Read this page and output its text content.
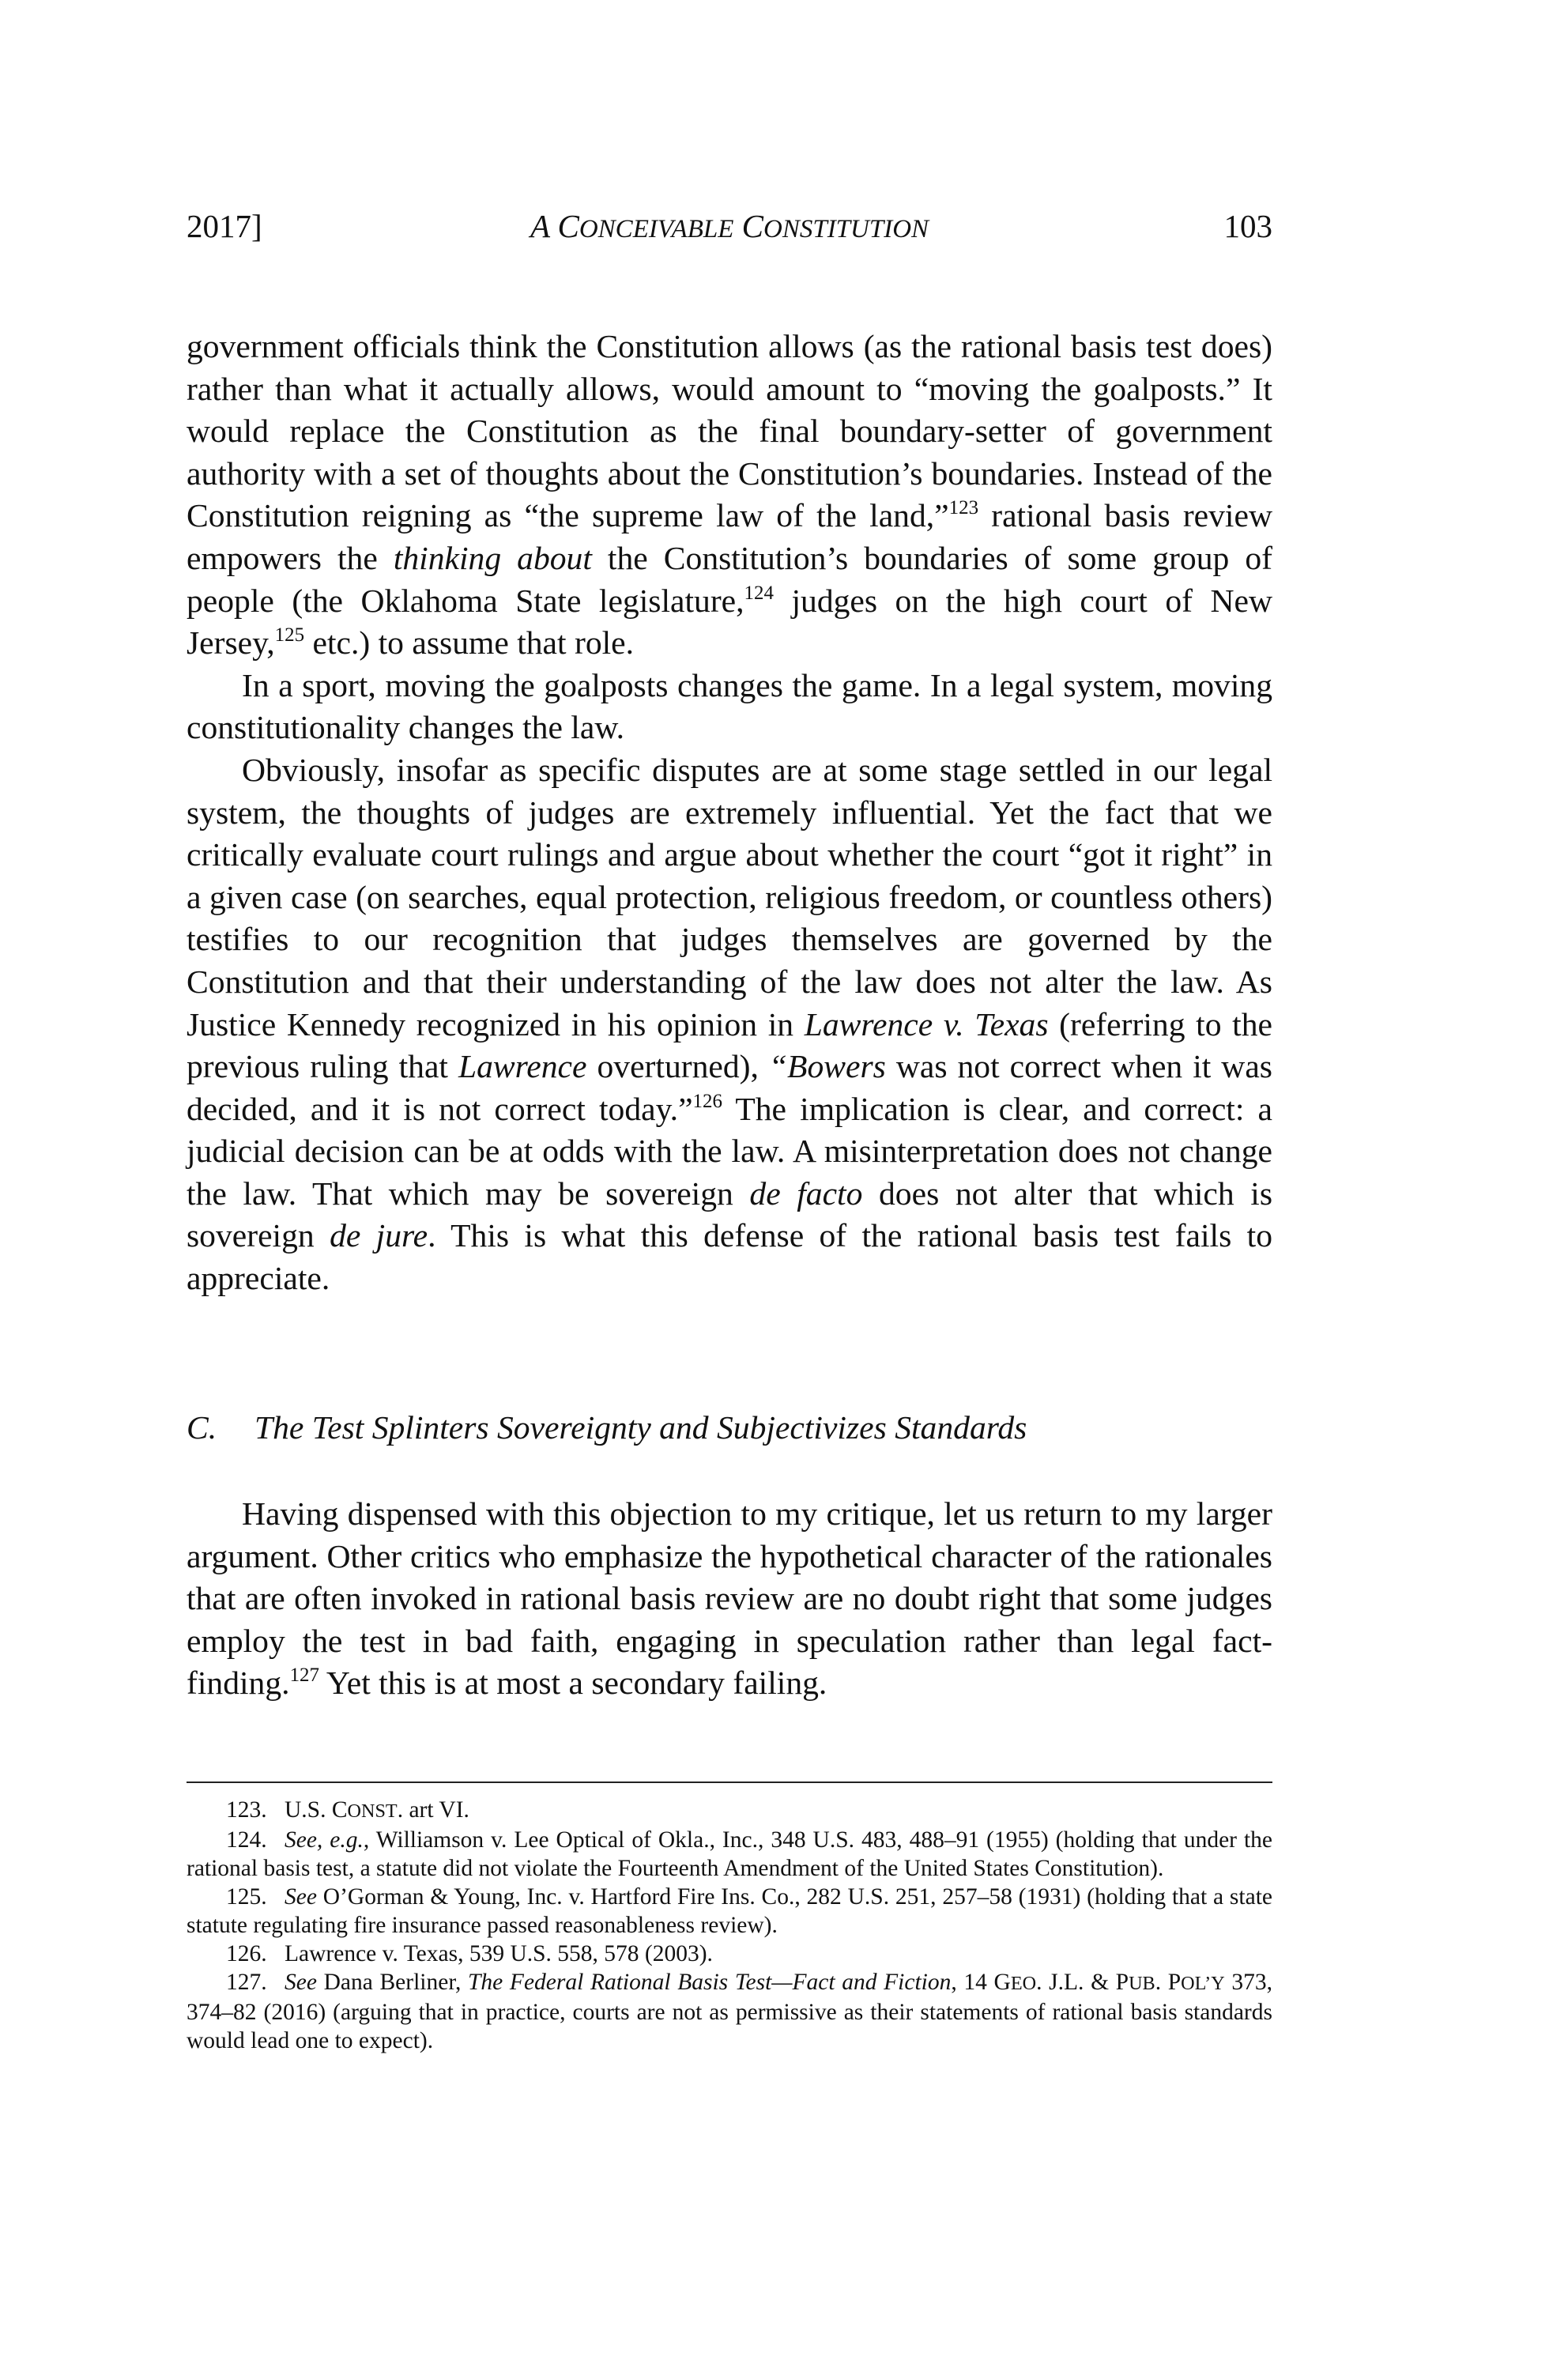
2017]	A CONCEIVABLE CONSTITUTION	103

government officials think the Constitution allows (as the rational basis test does) rather than what it actually allows, would amount to “moving the goalposts.” It would replace the Constitution as the final boundary-setter of government authority with a set of thoughts about the Constitution’s boundaries. Instead of the Constitution reigning as “the supreme law of the land,”$^{123}$ rational basis review empowers the thinking about the Constitution’s boundaries of some group of people (the Oklahoma State legislature,$^{124}$ judges on the high court of New Jersey,$^{125}$ etc.) to assume that role.

In a sport, moving the goalposts changes the game. In a legal system, moving constitutionality changes the law.

Obviously, insofar as specific disputes are at some stage settled in our legal system, the thoughts of judges are extremely influential. Yet the fact that we critically evaluate court rulings and argue about whether the court “got it right” in a given case (on searches, equal protection, religious freedom, or countless others) testifies to our recognition that judges themselves are governed by the Constitution and that their understanding of the law does not alter the law. As Justice Kennedy recognized in his opinion in Lawrence v. Texas (referring to the previous ruling that Lawrence overturned), “Bowers was not correct when it was decided, and it is not correct today.”$^{126}$ The implication is clear, and correct: a judicial decision can be at odds with the law. A misinterpretation does not change the law. That which may be sovereign de facto does not alter that which is sovereign de jure. This is what this defense of the rational basis test fails to appreciate.

C. The Test Splinters Sovereignty and Subjectivizes Standards

Having dispensed with this objection to my critique, let us return to my larger argument. Other critics who emphasize the hypothetical character of the rationales that are often invoked in rational basis review are no doubt right that some judges employ the test in bad faith, engaging in speculation rather than legal fact-finding.$^{127}$ Yet this is at most a secondary failing.

123. U.S. CONST. art VI.

124. See, e.g., Williamson v. Lee Optical of Okla., Inc., 348 U.S. 483, 488–91 (1955) (holding that under the rational basis test, a statute did not violate the Fourteenth Amendment of the United States Constitution).

125. See O’Gorman & Young, Inc. v. Hartford Fire Ins. Co., 282 U.S. 251, 257–58 (1931) (holding that a state statute regulating fire insurance passed reasonableness review).

126. Lawrence v. Texas, 539 U.S. 558, 578 (2003).

127. See Dana Berliner, The Federal Rational Basis Test—Fact and Fiction, 14 GEO. J.L. & PUB. POL’Y 373, 374–82 (2016) (arguing that in practice, courts are not as permissive as their statements of rational basis standards would lead one to expect).
